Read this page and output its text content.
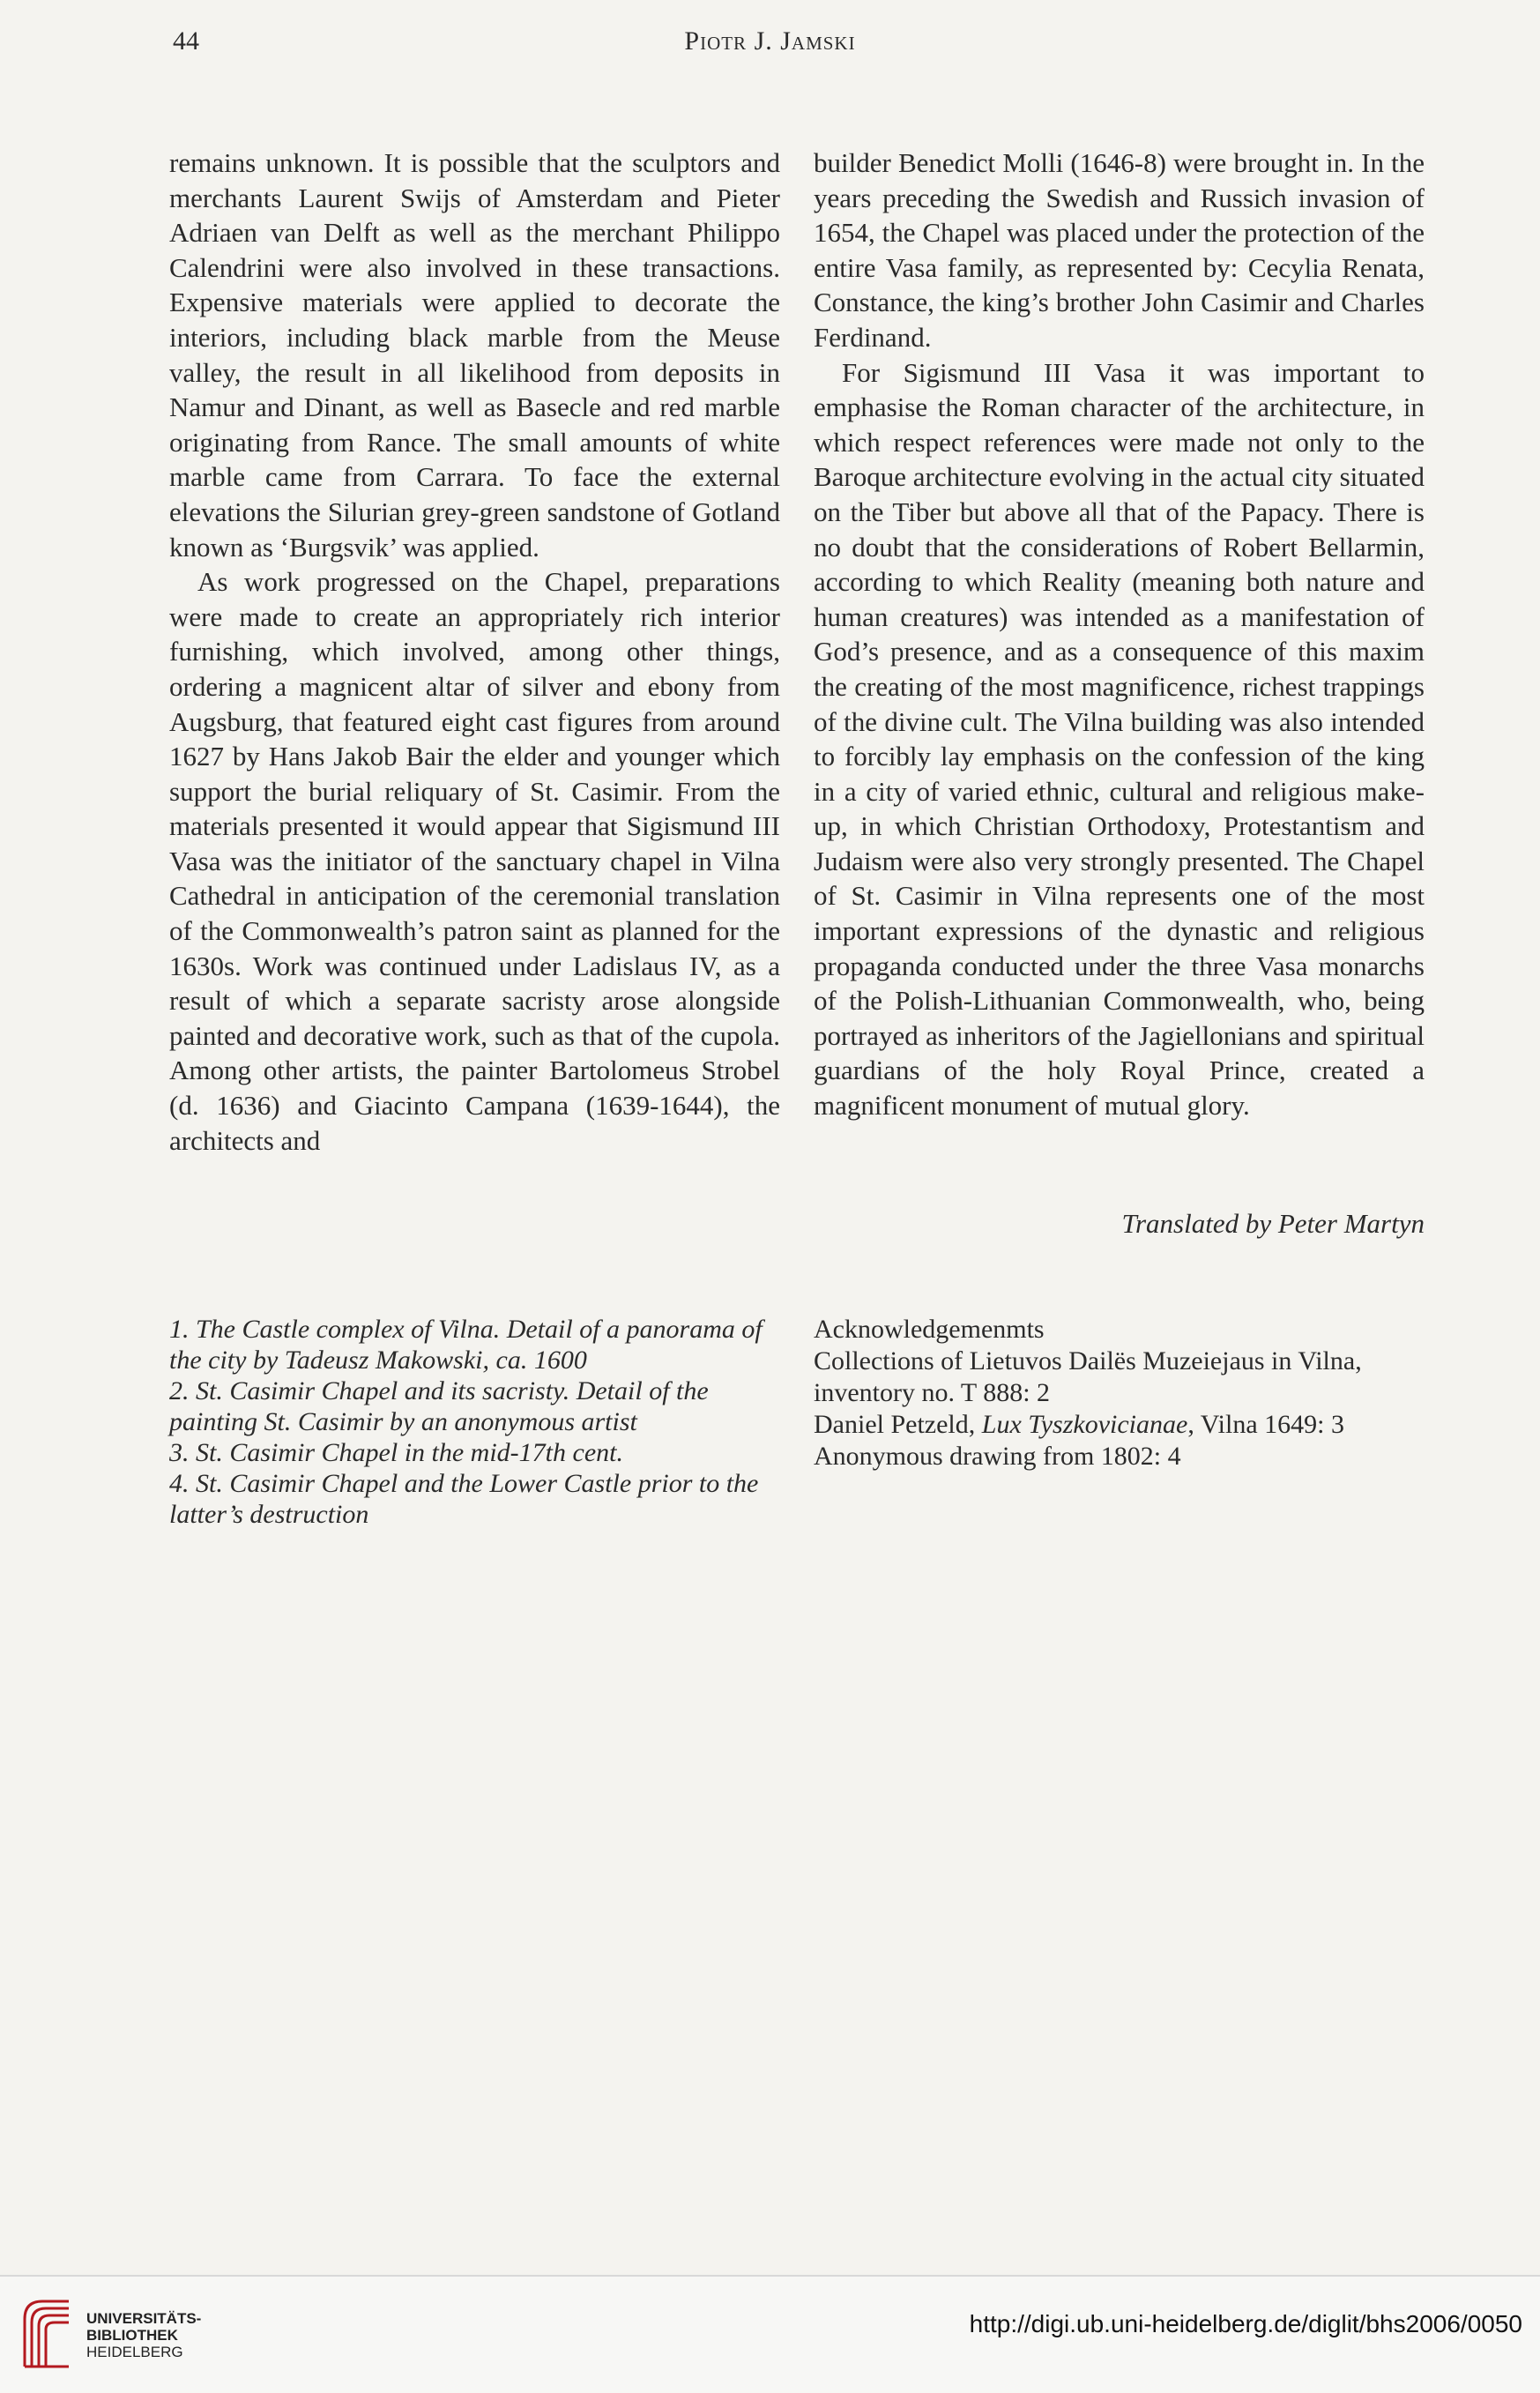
44	Piotr J. Jamski

remains unknown. It is possible that the sculptors and merchants Laurent Swijs of Amsterdam and Pieter Adriaen van Delft as well as the merchant Philippo Calendrini were also involved in these transactions. Expensive materials were applied to decorate the interiors, including black marble from the Meuse valley, the result in all likelihood from deposits in Namur and Dinant, as well as Basecle and red marble originating from Rance. The small amounts of white marble came from Carrara. To face the external elevations the Silurian grey-green sandstone of Gotland known as ‘Burgsvik’ was applied.

As work progressed on the Chapel, preparations were made to create an appropriately rich interior furnishing, which involved, among other things, ordering a magnicent altar of silver and ebony from Augsburg, that featured eight cast figures from around 1627 by Hans Jakob Bair the elder and younger which support the burial reliquary of St. Casimir. From the materials presented it would appear that Sigismund III Vasa was the initiator of the sanctuary chapel in Vilna Cathedral in anticipation of the ceremonial translation of the Commonwealth’s patron saint as planned for the 1630s. Work was continued under Ladislaus IV, as a result of which a separate sacristy arose alongside painted and decorative work, such as that of the cupola. Among other artists, the painter Bartolomeus Strobel (d. 1636) and Giacinto Campana (1639-1644), the architects and

builder Benedict Molli (1646-8) were brought in. In the years preceding the Swedish and Russich invasion of 1654, the Chapel was placed under the protection of the entire Vasa family, as represented by: Cecylia Renata, Constance, the king’s brother John Casimir and Charles Ferdinand.

For Sigismund III Vasa it was important to emphasise the Roman character of the architecture, in which respect references were made not only to the Baroque architecture evolving in the actual city situated on the Tiber but above all that of the Papacy. There is no doubt that the considerations of Robert Bellarmin, according to which Reality (meaning both nature and human creatures) was intended as a manifestation of God’s presence, and as a consequence of this maxim the creating of the most magnificence, richest trappings of the divine cult. The Vilna building was also intended to forcibly lay emphasis on the confession of the king in a city of varied ethnic, cultural and religious make-up, in which Christian Orthodoxy, Protestantism and Judaism were also very strongly presented. The Chapel of St. Casimir in Vilna represents one of the most important expressions of the dynastic and religious propaganda conducted under the three Vasa monarchs of the Polish-Lithuanian Commonwealth, who, being portrayed as inheritors of the Jagiellonians and spiritual guardians of the holy Royal Prince, created a magnificent monument of mutual glory.

Translated by Peter Martyn
1. The Castle complex of Vilna. Detail of a panorama of the city by Tadeusz Makowski, ca. 1600
2. St. Casimir Chapel and its sacristy. Detail of the painting St. Casimir by an anonymous artist
3. St. Casimir Chapel in the mid-17th cent.
4. St. Casimir Chapel and the Lower Castle prior to the latter’s destruction
Acknowledgemenmts
Collections of Lietuvos Dailës Muzeiejaus in Vilna, inventory no. T 888: 2
Daniel Petzeld, Lux Tyszkovicianae, Vilna 1649: 3
Anonymous drawing from 1802: 4
UNIVERSITÄTS-
BIBLIOTHEK
HEIDELBERG
http://digi.ub.uni-heidelberg.de/diglit/bhs2006/0050
